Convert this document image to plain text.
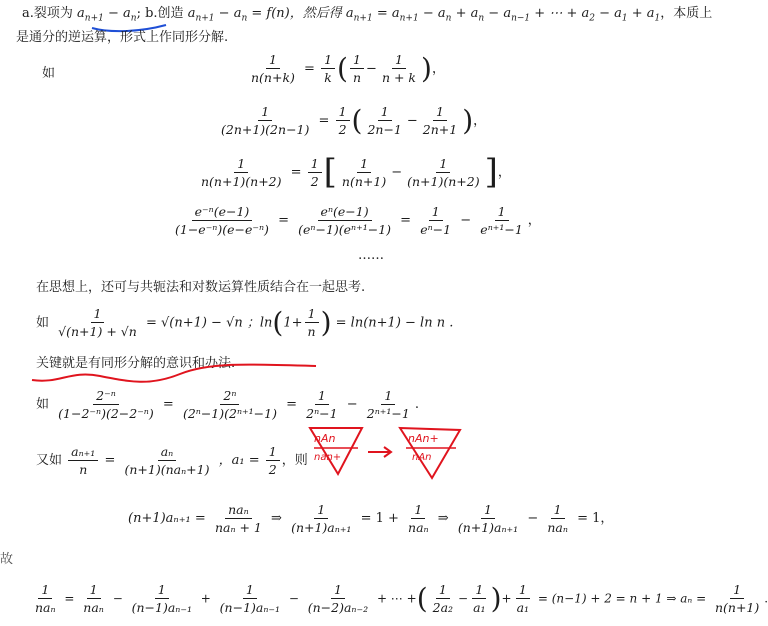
a.裂项为 $a_{n+1} - a_n$; b.创造 $a_{n+1} - a_n = f(n)$，然后得 $a_{n+1} = a_{n+1} - a_n + a_n - a_{n-1}$ + ⋯ + $a_2 - a_1 + a_1$，本质上
是通分的逆运算，形式上作同形分解.
如	$\frac{1}{n(n+k)} = \frac{1}{k}$ ( $\frac{1}{n} - \frac{1}{n + k}$ )，
$\frac{1}{(2n+1)(2n-1)} = \frac{1}{2}$ ( $\frac{1}{2n-1} - \frac{1}{2n+1}$ )，
$\frac{1}{n(n+1)(n+2)} = \frac{1}{2}$ [ $\frac{1}{n(n+1)} - \frac{1}{(n+1)(n+2)}$ ]，
$\frac{\text{e⁻ⁿ(e−1)}}{\text{(1−e⁻ⁿ)(e−e⁻ⁿ)}} = \frac{\text{eⁿ(e−1)}}{\text{(eⁿ−1)(eⁿ⁺¹−1)}} = \frac{1}{\text{eⁿ−1}} - \frac{1}{\text{eⁿ⁺¹−1}}$ ，
……
在思想上，还可与共轭法和对数运算性质结合在一起思考.
如 $\frac{1}{√(n+1) + √n} = √(n+1) - √n$ ；$\ln(1+ \frac{1}{n}$ ) = ln(n+1) − ln n .
关键就是有同形分解的意识和办法.
如 $\frac{\text{2⁻ⁿ}}{\text{(1−2⁻ⁿ)(2−2⁻ⁿ)}} = \frac{\text{2ⁿ}}{\text{(2ⁿ−1)(2ⁿ⁺¹−1)}} = \frac{1}{\text{2ⁿ−1}} - \frac{1}{\text{2ⁿ⁺¹−1}}$ .
又如 $\frac{\text{aₙ₊₁}}{n} = \frac{\text{aₙ}}{\text{(n+1)(naₙ+1)}}$ ，$a_1 = \frac{1}{2}$ ，则
nAn
nan+
nAn+
nAn
$(n+1)a_{n+1} = \frac{\text{naₙ}}{\text{naₙ + 1}}$ ⇒ $\frac{1}{\text{(n+1)aₙ₊₁}} = 1 + \frac{1}{\text{naₙ}}$ ⇒ $\frac{1}{\text{(n+1)aₙ₊₁}} - \frac{1}{\text{naₙ}} = 1$，
故
$\frac{1}{\text{naₙ}} = \frac{1}{\text{naₙ}} - \frac{1}{\text{(n−1)aₙ₋₁}} + \frac{1}{\text{(n−1)aₙ₋₁}} - \frac{1}{\text{(n−2)aₙ₋₂}}$ + ⋯ +( $\frac{1}{\text{2a₂}} - \frac{1}{\text{a₁}}$ )+ $\frac{1}{\text{a₁}} = (n-1) + 2 = n + 1$ ⇒ $a_n = \frac{1}{n(n+1)}$ .
